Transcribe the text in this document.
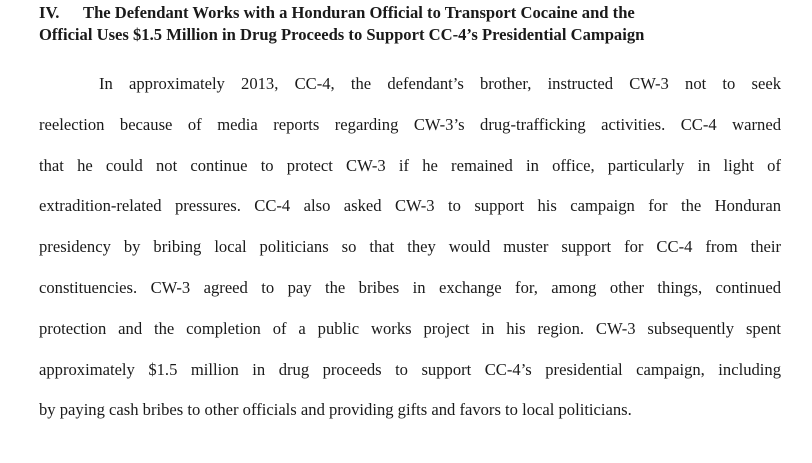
IV. The Defendant Works with a Honduran Official to Transport Cocaine and the
Official Uses $1.5 Million in Drug Proceeds to Support CC-4’s Presidential Campaign
In approximately 2013, CC-4, the defendant’s brother, instructed CW-3 not to seek
reelection because of media reports regarding CW-3’s drug-trafficking activities. CC-4 warned
that he could not continue to protect CW-3 if he remained in office, particularly in light of
extradition-related pressures. CC-4 also asked CW-3 to support his campaign for the Honduran
presidency by bribing local politicians so that they would muster support for CC-4 from their
constituencies. CW-3 agreed to pay the bribes in exchange for, among other things, continued
protection and the completion of a public works project in his region. CW-3 subsequently spent
approximately $1.5 million in drug proceeds to support CC-4’s presidential campaign, including
by paying cash bribes to other officials and providing gifts and favors to local politicians.
